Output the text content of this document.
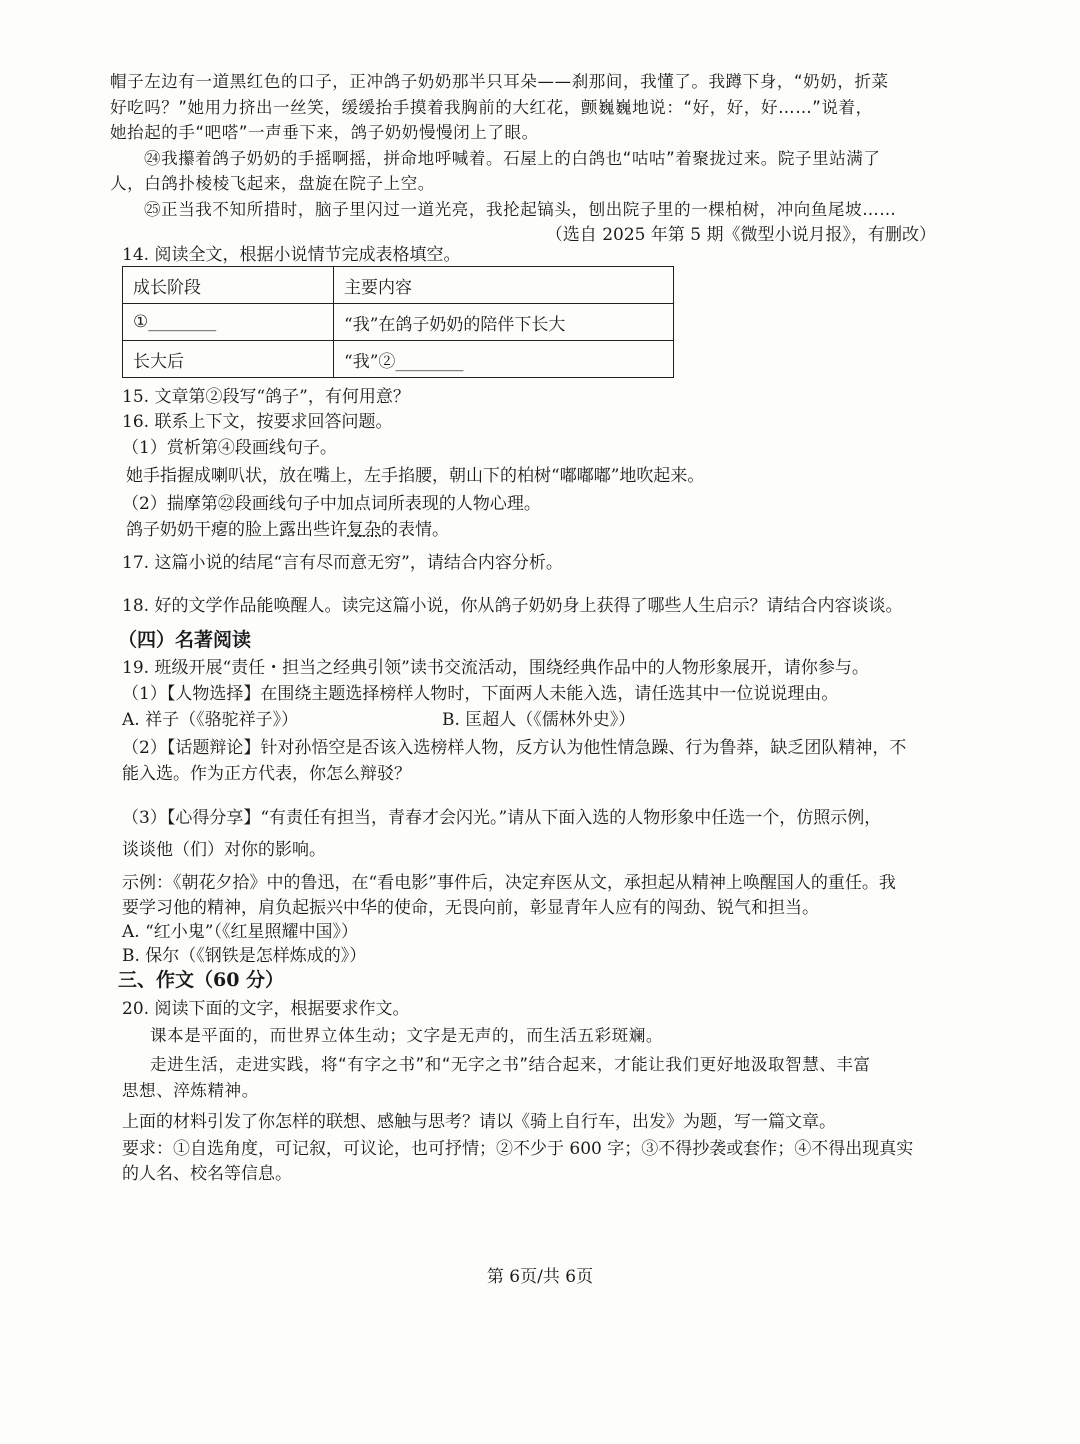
帽子左边有一道黑红色的口子，正冲鸽子奶奶那半只耳朵——刹那间，我懂了。我蹲下身，“奶奶，折菜
好吃吗？”她用力挤出一丝笑，缓缓抬手摸着我胸前的大红花，颤巍巍地说：“好，好，好……”说着，
她抬起的手“吧嗒”一声垂下来，鸽子奶奶慢慢闭上了眼。
㉔我攥着鸽子奶奶的手摇啊摇，拼命地呼喊着。石屋上的白鸽也“咕咕”着聚拢过来。院子里站满了
人，白鸽扑棱棱飞起来，盘旋在院子上空。
㉕正当我不知所措时，脑子里闪过一道光亮，我抡起镐头，刨出院子里的一棵柏树，冲向鱼尾坡……
（选自 2025 年第 5 期《微型小说月报》，有删改）
14. 阅读全文，根据小说情节完成表格填空。
成长阶段	主要内容
①________	“我”在鸽子奶奶的陪伴下长大
长大后	“我”②________
15. 文章第②段写“鸽子”，有何用意？
16. 联系上下文，按要求回答问题。
（1）赏析第④段画线句子。
她手指握成喇叭状，放在嘴上，左手掐腰，朝山下的柏树“嘟嘟嘟”地吹起来。
（2）揣摩第㉒段画线句子中加点词所表现的人物心理。
鸽子奶奶干瘪的脸上露出些许复杂的表情。
17. 这篇小说的结尾“言有尽而意无穷”，请结合内容分析。
18. 好的文学作品能唤醒人。读完这篇小说，你从鸽子奶奶身上获得了哪些人生启示？请结合内容谈谈。
（四）名著阅读
19. 班级开展“责任・担当之经典引领”读书交流活动，围绕经典作品中的人物形象展开，请你参与。
（1）【人物选择】在围绕主题选择榜样人物时，下面两人未能入选，请任选其中一位说说理由。
A. 祥子（《骆驼祥子》）	B. 匡超人（《儒林外史》）
（2）【话题辩论】针对孙悟空是否该入选榜样人物，反方认为他性情急躁、行为鲁莽，缺乏团队精神，不
能入选。作为正方代表，你怎么辩驳？
（3）【心得分享】“有责任有担当，青春才会闪光。”请从下面入选的人物形象中任选一个，仿照示例，
谈谈他（们）对你的影响。
示例：《朝花夕拾》中的鲁迅，在“看电影”事件后，决定弃医从文，承担起从精神上唤醒国人的重任。我
要学习他的精神，肩负起振兴中华的使命，无畏向前，彰显青年人应有的闯劲、锐气和担当。
A. “红小鬼”（《红星照耀中国》）
B. 保尔（《钢铁是怎样炼成的》）
三、作文（60 分）
20. 阅读下面的文字，根据要求作文。
课本是平面的，而世界立体生动；文字是无声的，而生活五彩斑斓。
走进生活，走进实践，将“有字之书”和“无字之书”结合起来，才能让我们更好地汲取智慧、丰富
思想、淬炼精神。
上面的材料引发了你怎样的联想、感触与思考？请以《骑上自行车，出发》为题，写一篇文章。
要求：①自选角度，可记叙，可议论，也可抒情；②不少于 600 字；③不得抄袭或套作；④不得出现真实
的人名、校名等信息。
第 6页/共 6页
